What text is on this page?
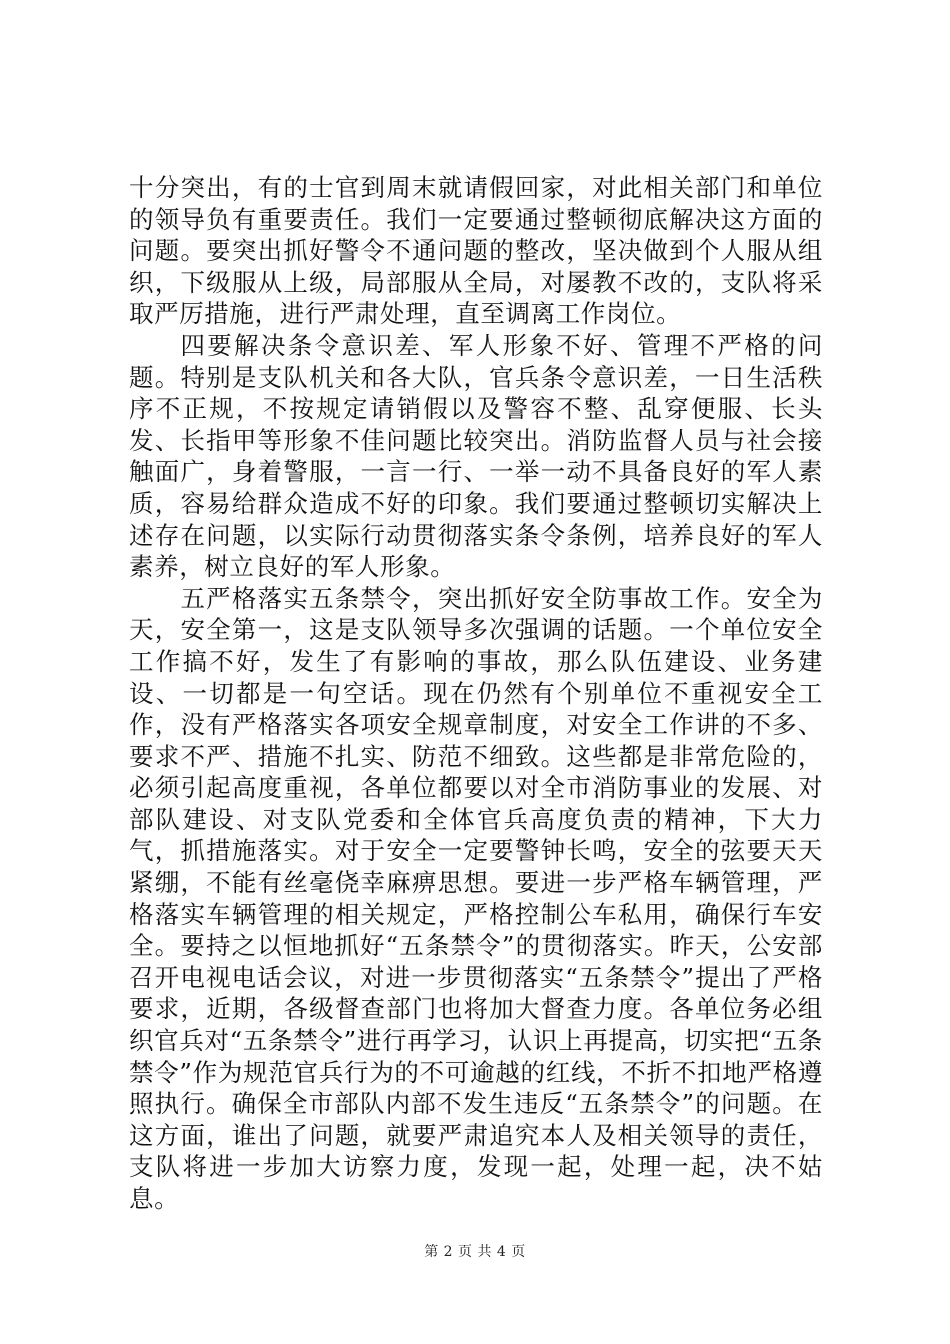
十分突出，有的士官到周末就请假回家，对此相关部门和单位的领导负有重要责任。我们一定要通过整顿彻底解决这方面的问题。要突出抓好警令不通问题的整改，坚决做到个人服从组织，下级服从上级，局部服从全局，对屡教不改的，支队将采取严厉措施，进行严肃处理，直至调离工作岗位。

四要解决条令意识差、军人形象不好、管理不严格的问题。特别是支队机关和各大队，官兵条令意识差，一日生活秩序不正规，不按规定请销假以及警容不整、乱穿便服、长头发、长指甲等形象不佳问题比较突出。消防监督人员与社会接触面广，身着警服，一言一行、一举一动不具备良好的军人素质，容易给群众造成不好的印象。我们要通过整顿切实解决上述存在问题，以实际行动贯彻落实条令条例，培养良好的军人素养，树立良好的军人形象。

五严格落实五条禁令，突出抓好安全防事故工作。安全为天，安全第一，这是支队领导多次强调的话题。一个单位安全工作搞不好，发生了有影响的事故，那么队伍建设、业务建设、一切都是一句空话。现在仍然有个别单位不重视安全工作，没有严格落实各项安全规章制度，对安全工作讲的不多、要求不严、措施不扎实、防范不细致。这些都是非常危险的，必须引起高度重视，各单位都要以对全市消防事业的发展、对部队建设、对支队党委和全体官兵高度负责的精神，下大力气，抓措施落实。对于安全一定要警钟长鸣，安全的弦要天天紧绷，不能有丝毫侥幸麻痹思想。要进一步严格车辆管理，严格落实车辆管理的相关规定，严格控制公车私用，确保行车安全。要持之以恒地抓好“五条禁令”的贯彻落实。昨天，公安部召开电视电话会议，对进一步贯彻落实“五条禁令”提出了严格要求，近期，各级督查部门也将加大督查力度。各单位务必组织官兵对“五条禁令”进行再学习，认识上再提高，切实把“五条禁令”作为规范官兵行为的不可逾越的红线，不折不扣地严格遵照执行。确保全市部队内部不发生违反“五条禁令”的问题。在这方面，谁出了问题，就要严肃追究本人及相关领导的责任，支队将进一步加大访察力度，发现一起，处理一起，决不姑息。

第 2 页 共 4 页
